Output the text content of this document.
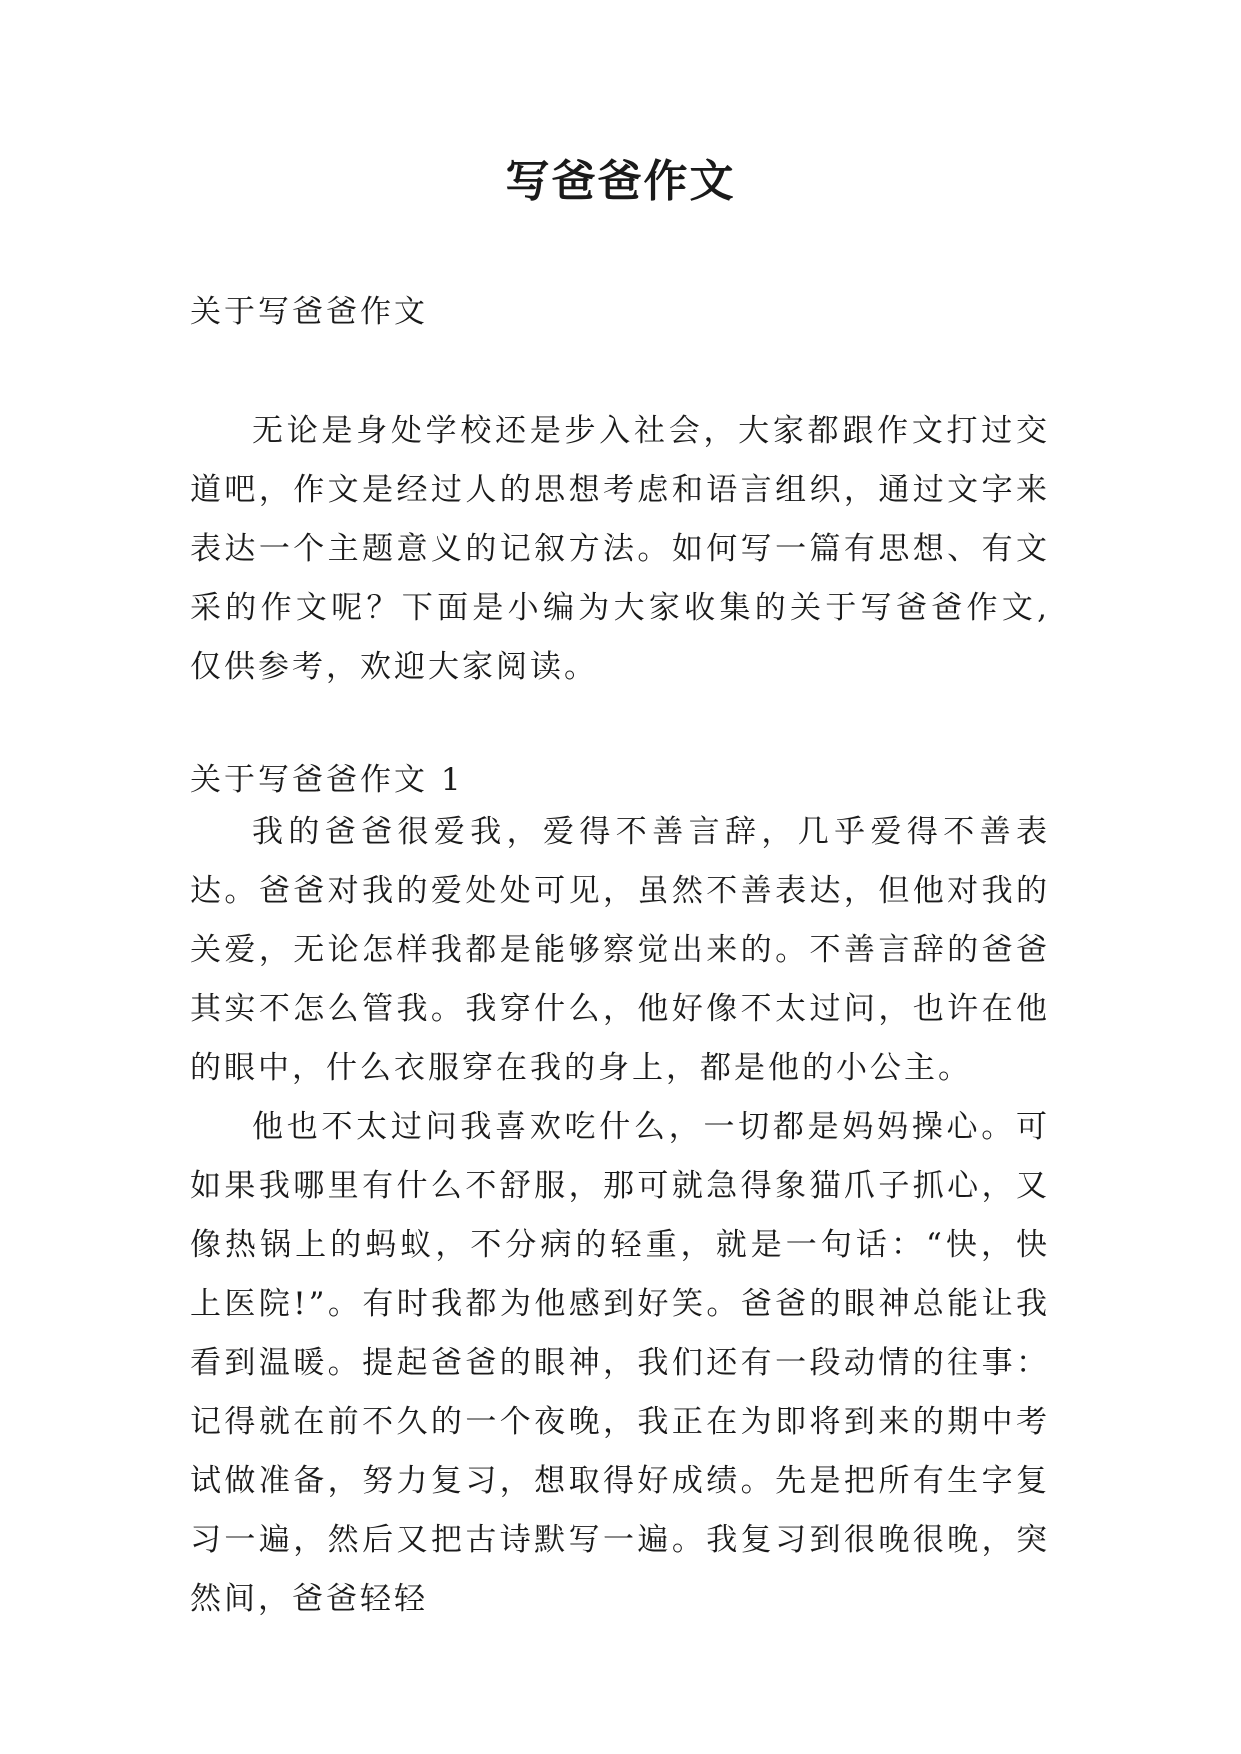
写爸爸作文

关于写爸爸作文

无论是身处学校还是步入社会，大家都跟作文打过交道吧，作文是经过人的思想考虑和语言组织，通过文字来表达一个主题意义的记叙方法。如何写一篇有思想、有文采的作文呢？下面是小编为大家收集的关于写爸爸作文,仅供参考，欢迎大家阅读。

关于写爸爸作文 1

我的爸爸很爱我，爱得不善言辞，几乎爱得不善表达。爸爸对我的爱处处可见，虽然不善表达，但他对我的关爱，无论怎样我都是能够察觉出来的。不善言辞的爸爸其实不怎么管我。我穿什么，他好像不太过问，也许在他的眼中，什么衣服穿在我的身上，都是他的小公主。

他也不太过问我喜欢吃什么，一切都是妈妈操心。可如果我哪里有什么不舒服，那可就急得象猫爪子抓心，又像热锅上的蚂蚁，不分病的轻重，就是一句话：“快，快上医院!”。有时我都为他感到好笑。爸爸的眼神总能让我看到温暖。提起爸爸的眼神，我们还有一段动情的往事：记得就在前不久的一个夜晚，我正在为即将到来的期中考试做准备，努力复习，想取得好成绩。先是把所有生字复习一遍，然后又把古诗默写一遍。我复习到很晚很晚，突然间，爸爸轻轻
